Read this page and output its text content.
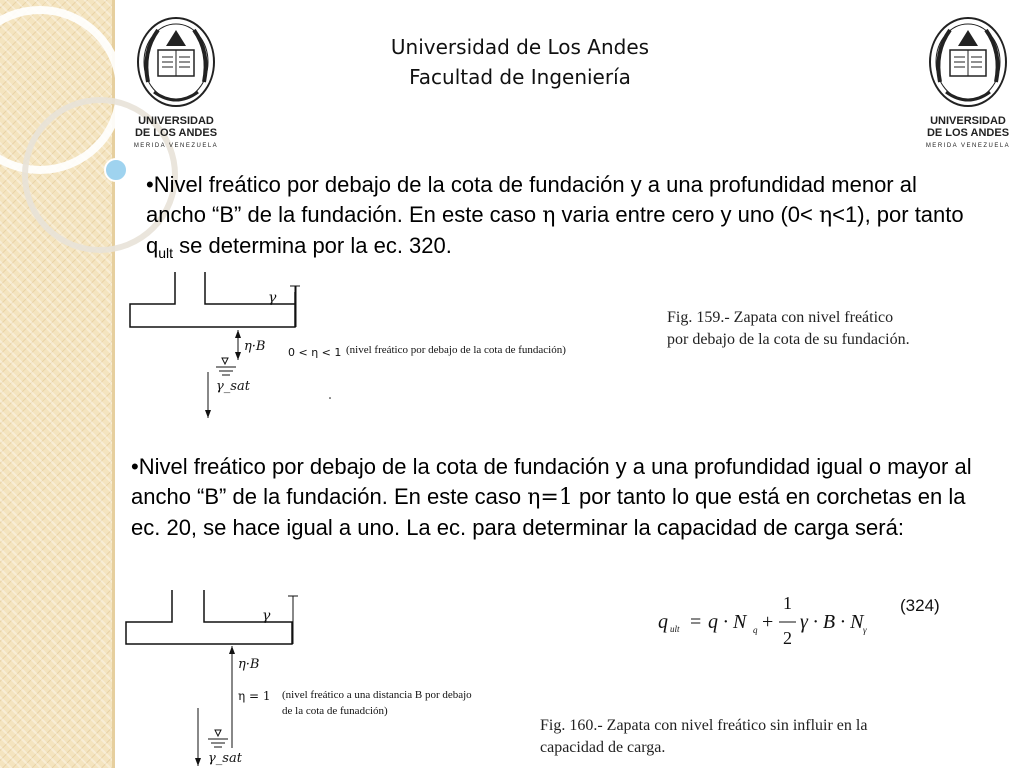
UNIVERSIDAD
DE LOS ANDES
MERIDA VENEZUELA
UNIVERSIDAD
DE LOS ANDES
MERIDA VENEZUELA
Universidad de Los Andes
Facultad de Ingeniería
•Nivel freático por debajo de la cota de fundación y a una profundidad menor al ancho “B” de la fundación. En este caso η varia entre cero y uno (0< η<1), por tanto $q_{ult}$ se determina por la ec. 320.
γ
η·B 0 < η < 1 (nivel freático por debajo de la cota de fundación)
γ_sat
Fig. 159.- Zapata con nivel freático
por debajo de la cota de su fundación.
•Nivel freático por debajo de la cota de fundación y a una profundidad igual o mayor al ancho “B” de la fundación. En este caso η=1 por tanto lo que está en corchetas en la ec. 20, se hace igual a uno. La ec. para determinar la capacidad de carga será:
γ
η·B
η = 1 (nivel freático a una distancia B por debajo
de la cota de funadción)
γ_sat
q ult = q · N q +
1
2
γ · B · N γ
(324)
Fig. 160.- Zapata con nivel freático sin influir en la
capacidad de carga.
